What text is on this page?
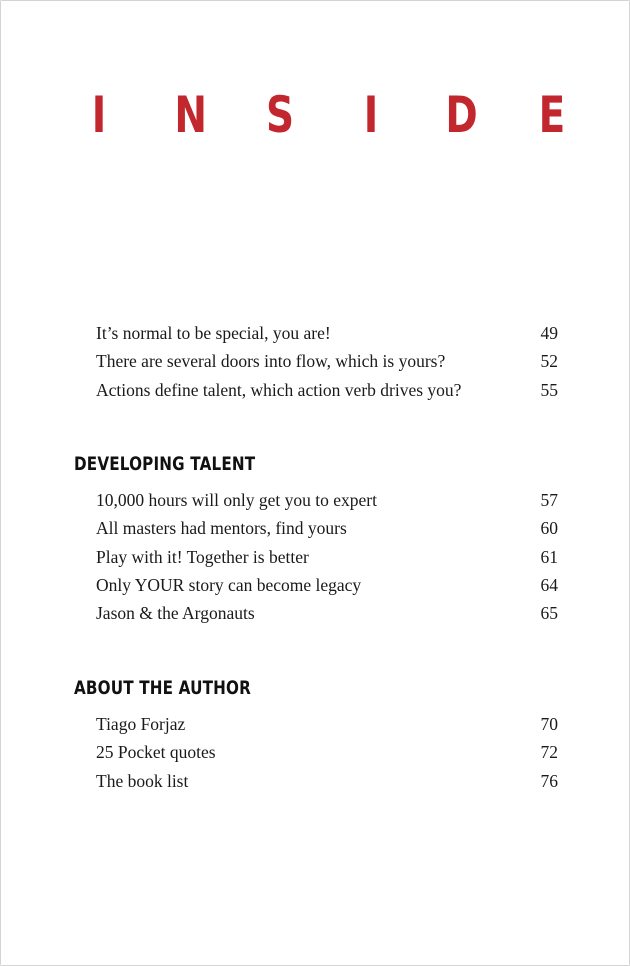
I N S I D E
It’s normal to be special, you are!	49
There are several doors into flow, which is yours?	52
Actions define talent, which action verb drives you?	55
DEVELOPING TALENT
10,000 hours will only get you to expert	57
All masters had mentors, find yours	60
Play with it! Together is better	61
Only YOUR story can become legacy	64
Jason & the Argonauts	65
ABOUT THE AUTHOR
Tiago Forjaz	70
25 Pocket quotes	72
The book list	76
